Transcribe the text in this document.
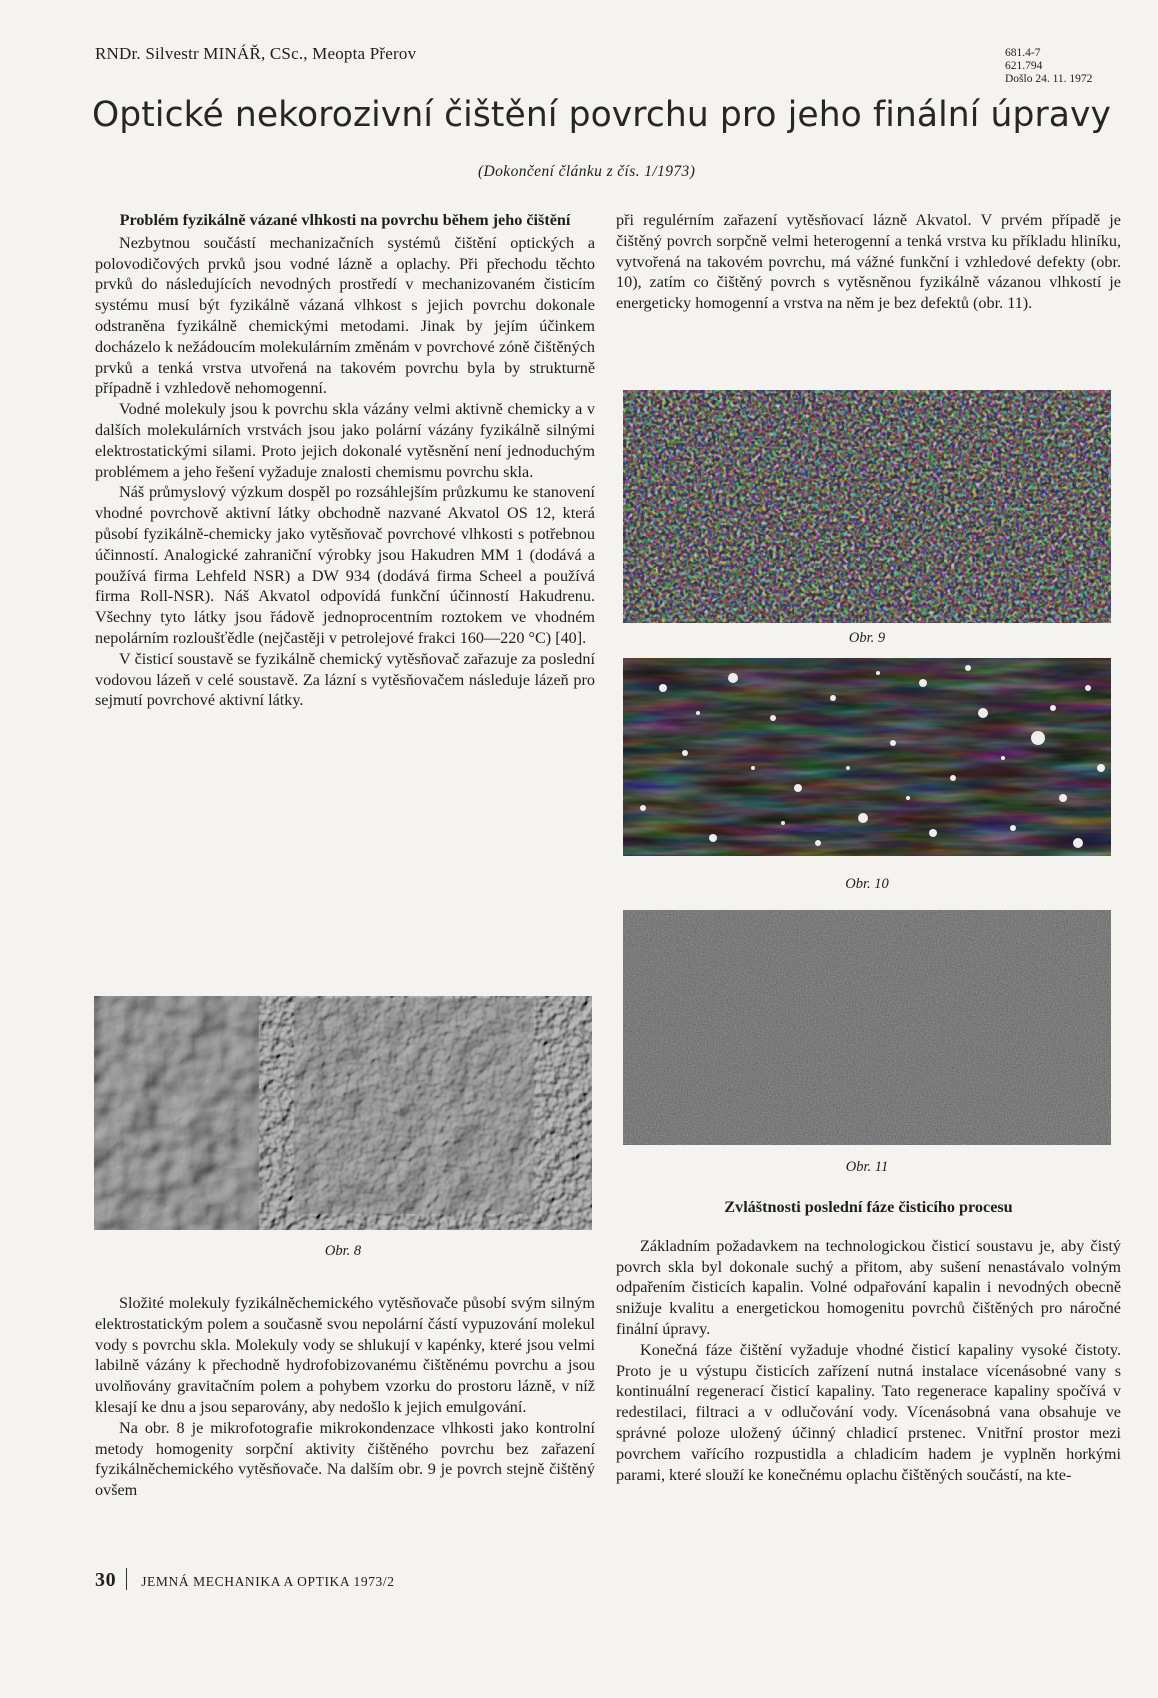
RNDr. Silvestr MINÁŘ, CSc., Meopta Přerov	681.4-7
621.794
Došlo 24. 11. 1972
Optické nekorozivní čištění povrchu pro jeho finální úpravy
(Dokončení článku z čís. 1/1973)
Problém fyzikálně vázané vlhkosti na povrchu během jeho čištění

Nezbytnou součástí mechanizačních systémů čištění optických a polovodičových prvků jsou vodné lázně a oplachy. Při přechodu těchto prvků do následujících nevodných prostředí v mechanizovaném čisticím systému musí být fyzikálně vázaná vlhkost s jejich povrchu dokonale odstraněna fyzikálně chemickými metodami. Jinak by jejím účinkem docházelo k nežádoucím molekulárním změnám v povrchové zóně čištěných prvků a tenká vrstva utvořená na takovém povrchu byla by strukturně případně i vzhledově nehomogenní.

Vodné molekuly jsou k povrchu skla vázány velmi aktivně chemicky a v dalších molekulárních vrstvách jsou jako polární vázány fyzikálně silnými elektrostatickými silami. Proto jejich dokonalé vytěsnění není jednoduchým problémem a jeho řešení vyžaduje znalosti chemismu povrchu skla.

Náš průmyslový výzkum dospěl po rozsáhlejším průzkumu ke stanovení vhodné povrchově aktivní látky obchodně nazvané Akvatol OS 12, která působí fyzikálně-chemicky jako vytěsňovač povrchové vlhkosti s potřebnou účinností. Analogické zahraniční výrobky jsou Hakudren MM 1 (dodává a používá firma Lehfeld NSR) a DW 934 (dodává firma Scheel a používá firma Roll-NSR). Náš Akvatol odpovídá funkční účinností Hakudrenu. Všechny tyto látky jsou řádově jednoprocentním roztokem ve vhodném nepolárním rozloušťědle (nejčastěji v petrolejové frakci 160—220 °C) [40].

V čisticí soustavě se fyzikálně chemický vytěsňovač zařazuje za poslední vodovou lázeň v celé soustavě. Za lázní s vytěsňovačem následuje lázeň pro sejmutí povrchové aktivní látky.

Obr. 8

Složité molekuly fyzikálněchemického vytěsňovače působí svým silným elektrostatickým polem a současně svou nepolární částí vypuzování molekul vody s povrchu skla. Molekuly vody se shlukují v kapénky, které jsou velmi labilně vázány k přechodně hydrofobizovanému čištěnému povrchu a jsou uvolňovány gravitačním polem a pohybem vzorku do prostoru lázně, v níž klesají ke dnu a jsou separovány, aby nedošlo k jejich emulgování.

Na obr. 8 je mikrofotografie mikrokondenzace vlhkosti jako kontrolní metody homogenity sorpční aktivity čištěného povrchu bez zařazení fyzikálněchemického vytěsňovače. Na dalším obr. 9 je povrch stejně čištěný ovšem

při regulérním zařazení vytěsňovací lázně Akvatol. V prvém případě je čištěný povrch sorpčně velmi heterogenní a tenká vrstva ku příkladu hliníku, vytvořená na takovém povrchu, má vážné funkční i vzhledové defekty (obr. 10), zatím co čištěný povrch s vytěsněnou fyzikálně vázanou vlhkostí je energeticky homogenní a vrstva na něm je bez defektů (obr. 11).

Obr. 9
Obr. 10
Obr. 11
Zvláštnosti poslední fáze čisticího procesu

Základním požadavkem na technologickou čisticí soustavu je, aby čistý povrch skla byl dokonale suchý a přitom, aby sušení nenastávalo volným odpařením čisticích kapalin. Volné odpařování kapalin i nevodných obecně snižuje kvalitu a energetickou homogenitu povrchů čištěných pro náročné finální úpravy.

Konečná fáze čištění vyžaduje vhodné čisticí kapaliny vysoké čistoty. Proto je u výstupu čisticích zařízení nutná instalace vícenásobné vany s kontinuální regenerací čisticí kapaliny. Tato regenerace kapaliny spočívá v redestilaci, filtraci a v odlučování vody. Vícenásobná vana obsahuje ve správné poloze uložený účinný chladicí prstenec. Vnitřní prostor mezi povrchem vařícího rozpustidla a chladicím hadem je vyplněn horkými parami, které slouží ke konečnému oplachu čištěných součástí, na kte-

30 JEMNÁ MECHANIKA A OPTIKA 1973/2
